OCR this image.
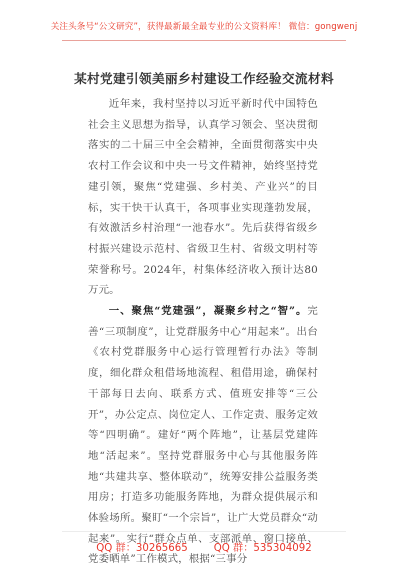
关注头条号“公文研究”，获得最新最全最专业的公文资料库！ 微信：gongwenj
某村党建引领美丽乡村建设工作经验交流材料

近年来，我村坚持以习近平新时代中国特色社会主义思想为指导，认真学习领会、坚决贯彻落实的二十届三中全会精神，全面贯彻落实中央农村工作会议和中央一号文件精神，始终坚持党建引领，聚焦“党建强、乡村美、产业兴”的目标，实干快干认真干，各项事业实现蓬勃发展，有效激活乡村治理“一池春水”。先后获得省级乡村振兴建设示范村、省级卫生村、省级文明村等荣誉称号。2024年，村集体经济收入预计达80万元。

一、聚焦“党建强”，凝聚乡村之“智”。完善“三项制度”，让党群服务中心“用起来”。出台《农村党群服务中心运行管理暂行办法》等制度，细化群众租借场地流程、租借用途，确保村干部每日去向、联系方式、值班安排等“三公开”，办公定点、岗位定人、工作定责、服务定效等“四明确”。建好“两个阵地”，让基层党建阵地“活起来”。坚持党群服务中心与其他服务阵地“共建共享、整体联动”，统筹安排公益服务类用房；打造多功能服务阵地，为群众提供展示和体验场所。聚盯“一个宗旨”，让广大党员群众“动起来”。实行“群众点单、支部派单、窗口接单、党委晒单”工作模式，根据“三事分

QQ 群：30265665	QQ 群：535304092
